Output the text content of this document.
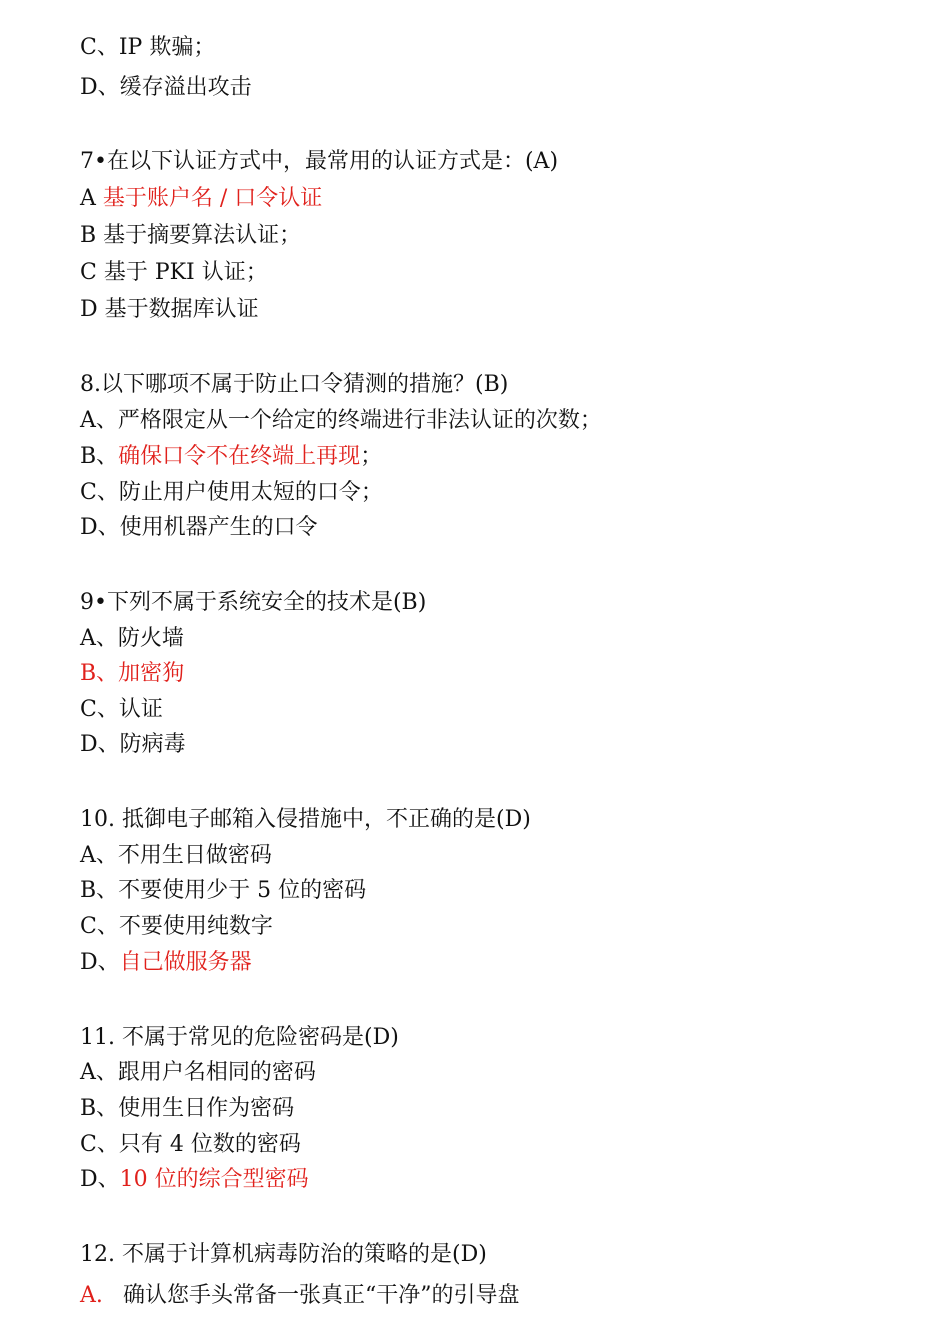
C、IP 欺骗；
D、缓存溢出攻击
7•在以下认证方式中，最常用的认证方式是：(A)
A 基于账户名 / 口令认证
B 基于摘要算法认证；
C 基于 PKI 认证；
D 基于数据库认证
8.以下哪项不属于防止口令猜测的措施？(B)
A、严格限定从一个给定的终端进行非法认证的次数；
B、确保口令不在终端上再现；
C、防止用户使用太短的口令；
D、使用机器产生的口令
9•下列不属于系统安全的技术是(B)
A、防火墙
B、加密狗
C、认证
D、防病毒
10. 抵御电子邮箱入侵措施中，不正确的是(D)
A、不用生日做密码
B、不要使用少于 5 位的密码
C、不要使用纯数字
D、自己做服务器
11. 不属于常见的危险密码是(D)
A、跟用户名相同的密码
B、使用生日作为密码
C、只有 4 位数的密码
D、10 位的综合型密码
12. 不属于计算机病毒防治的策略的是(D)
A. 确认您手头常备一张真正“干净”的引导盘
